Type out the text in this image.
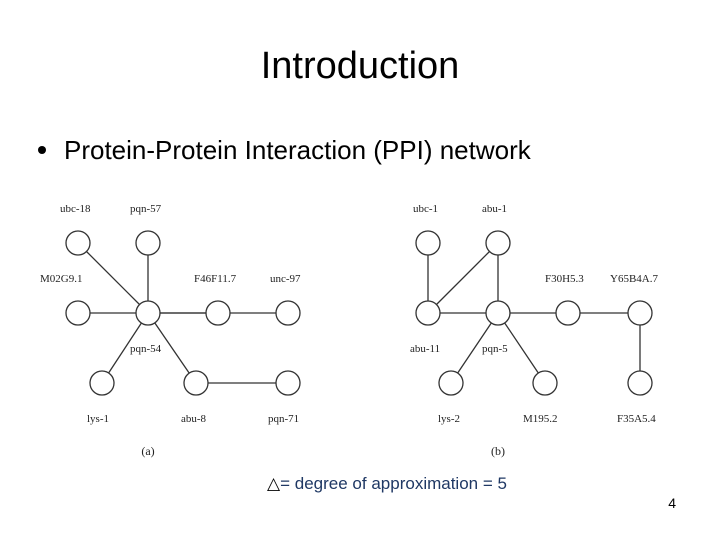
Introduction
Protein-Protein Interaction (PPI) network
ubc-18	pqn-57
M02G9.1	F46F11.7	unc-97
pqn-54
lys-1	abu-8	pqn-71
(a)
ubc-1	abu-1
F30H5.3 Y65B4A.7
abu-11	pqn-5
lys-2	M195.2	F35A5.4
(b)
△= degree of approximation = 5
4
